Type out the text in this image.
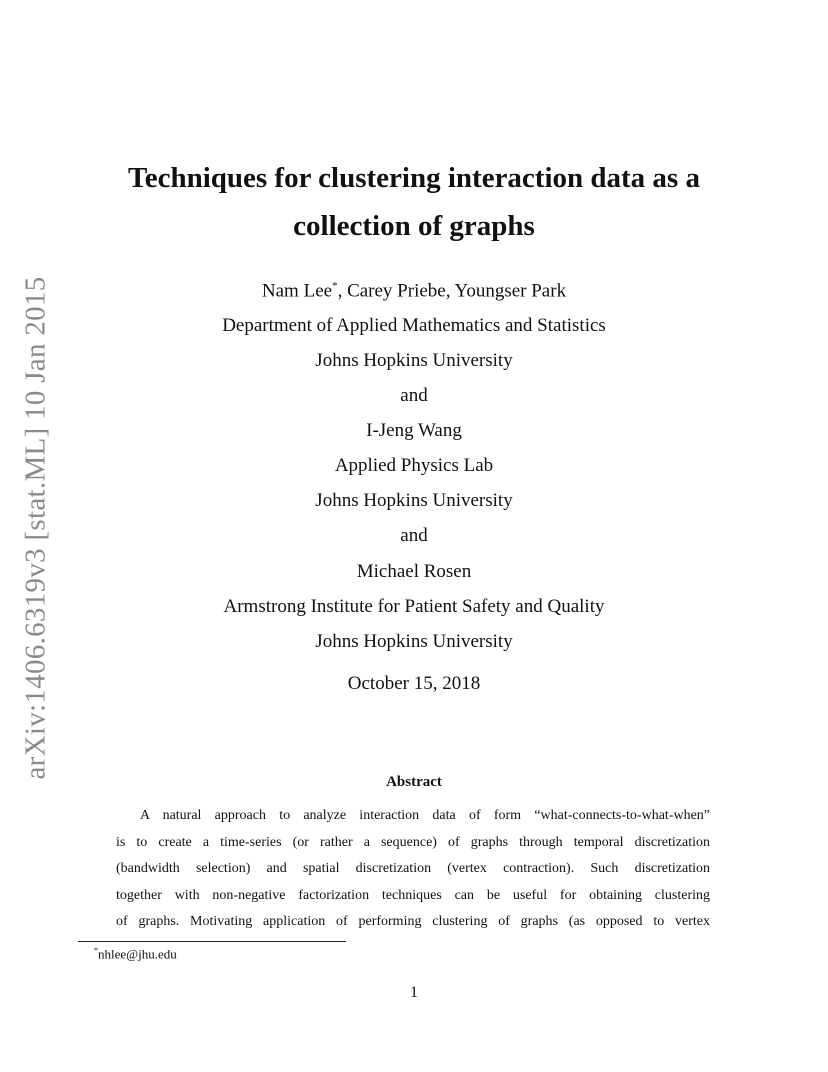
arXiv:1406.6319v3 [stat.ML] 10 Jan 2015
Techniques for clustering interaction data as a
collection of graphs
Nam Lee*, Carey Priebe, Youngser Park
Department of Applied Mathematics and Statistics
Johns Hopkins University
and
I-Jeng Wang
Applied Physics Lab
Johns Hopkins University
and
Michael Rosen
Armstrong Institute for Patient Safety and Quality
Johns Hopkins University
October 15, 2018
Abstract
A natural approach to analyze interaction data of form “what-connects-to-what-when”
is to create a time-series (or rather a sequence) of graphs through temporal discretization
(bandwidth selection) and spatial discretization (vertex contraction). Such discretization
together with non-negative factorization techniques can be useful for obtaining clustering
of graphs. Motivating application of performing clustering of graphs (as opposed to vertex
*nhlee@jhu.edu
1
